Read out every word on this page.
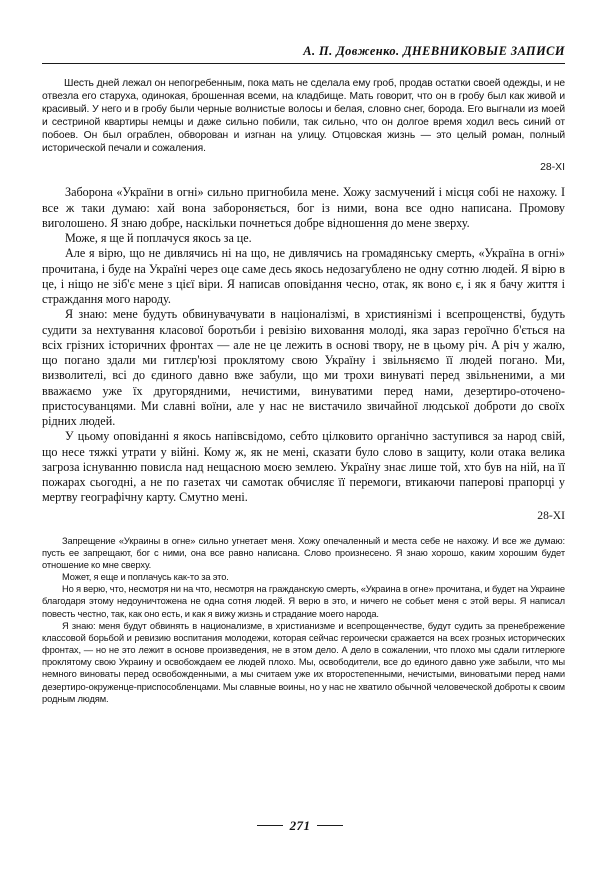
А. П. Довженко. ДНЕВНИКОВЫЕ ЗАПИСИ

Шесть дней лежал он непогребенным, пока мать не сделала ему гроб, продав остатки своей одежды, и не отвезла его старуха, одинокая, брошенная всеми, на кладбище. Мать говорит, что он в гробу был как живой и красивый. У него и в гробу были черные волнистые волосы и белая, словно снег, борода. Его выгнали из моей и сестриной квартиры немцы и даже сильно побили, так сильно, что он долгое время ходил весь синий от побоев. Он был ограблен, обворован и изгнан на улицу. Отцовская жизнь — это целый роман, полный исторической печали и сожаления.

28-XI

Заборона «України в огні» сильно пригнобила мене. Хожу засмучений і місця собі не нахожу. І все ж таки думаю: хай вона забороняється, бог із ними, вона все одно написана. Промову виголошено. Я знаю добре, наскільки почнеться добре відношення до мене зверху.

Може, я ще й поплачуся якось за це.

Але я вірю, що не дивлячись ні на що, не дивлячись на громадянську смерть, «Україна в огні» прочитана, і буде на Україні через оце саме десь якось недозагублено не одну сотню людей. Я вірю в це, і ніщо не зіб'є мене з цієї віри. Я написав оповідання чесно, отак, як воно є, і як я бачу життя і страждання мого народу.

Я знаю: мене будуть обвинувачувати в націоналізмі, в християнізмі і всепрощенстві, будуть судити за нехтування класової боротьби і ревізію виховання молоді, яка зараз героїчно б'ється на всіх грізних історичних фронтах — але не це лежить в основі твору, не в цьому річ. А річ у жалю, що погано здали ми гитлєр'юзі проклятому свою Україну і звільняємо її людей погано. Ми, визволителі, всі до єдиного давно вже забули, що ми трохи винуваті перед звільненими, а ми вважаємо уже їх другорядними, нечистими, винуватими перед нами, дезертиро-оточено-пристосуванцями. Ми славні воїни, але у нас не вистачило звичайної людської доброти до своїх рідних людей.

У цьому оповіданні я якось напівсвідомо, себто цілковито органічно заступився за народ свій, що несе тяжкі утрати у війні. Кому ж, як не мені, сказати було слово в защиту, коли отака велика загроза існуванню повисла над нещасною моєю землею. Україну знає лише той, хто був на ній, на її пожарах сьогодні, а не по газетах чи самотак обчисляє її перемоги, втикаючи паперові прапорці у мертву географічну карту. Смутно мені.

28-XI

Запрещение «Украины в огне» сильно угнетает меня. Хожу опечаленный и места себе не нахожу. И все же думаю: пусть ее запрещают, бог с ними, она все равно написана. Слово произнесено. Я знаю хорошо, каким хорошим будет отношение ко мне сверху.

Может, я еще и поплачусь как-то за это.

Но я верю, что, несмотря ни на что, несмотря на гражданскую смерть, «Украина в огне» прочитана, и будет на Украине благодаря этому недоуничтожена не одна сотня людей. Я верю в это, и ничего не собьет меня с этой веры. Я написал повесть честно, так, как оно есть, и как я вижу жизнь и страдание моего народа.

Я знаю: меня будут обвинять в национализме, в христианизме и всепрощенчестве, будут судить за пренебрежение классовой борьбой и ревизию воспитания молодежи, которая сейчас героически сражается на всех грозных исторических фронтах, — но не это лежит в основе произведения, не в этом дело. А дело в сожалении, что плохо мы сдали гитлерюге проклятому свою Украину и освобождаем ее людей плохо. Мы, освободители, все до единого давно уже забыли, что мы немного виноваты перед освобожденными, а мы считаем уже их второстепенными, нечистыми, виноватыми перед нами дезертиро-окруженце-приспособленцами. Мы славные воины, но у нас не хватило обычной человеческой доброты к своим родным людям.

271
